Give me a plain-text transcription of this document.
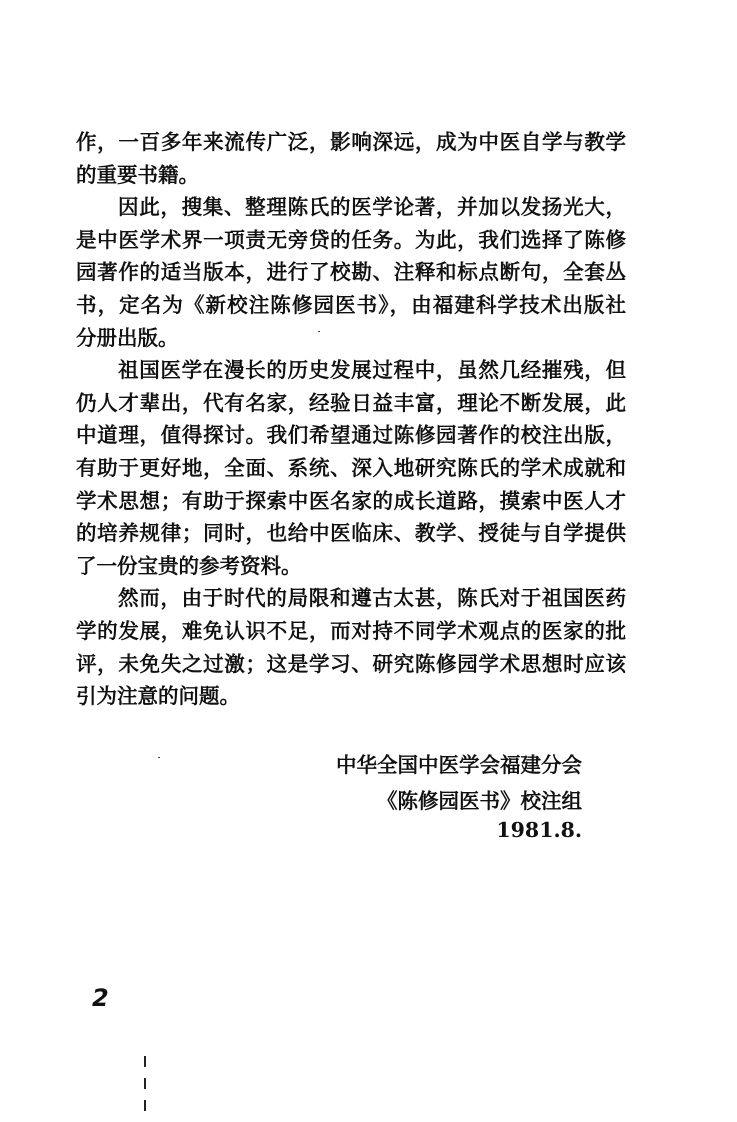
作，一百多年来流传广泛，影响深远，成为中医自学与教学
的重要书籍。
因此，搜集、整理陈氏的医学论著，并加以发扬光大，
是中医学术界一项责无旁贷的任务。为此，我们选择了陈修
园著作的适当版本，进行了校勘、注释和标点断句，全套丛
书，定名为《新校注陈修园医书》，由福建科学技术出版社
分册出版。
祖国医学在漫长的历史发展过程中，虽然几经摧残，但
仍人才辈出，代有名家，经验日益丰富，理论不断发展，此
中道理，值得探讨。我们希望通过陈修园著作的校注出版，
有助于更好地，全面、系统、深入地研究陈氏的学术成就和
学术思想；有助于探索中医名家的成长道路，摸索中医人才
的培养规律；同时，也给中医临床、教学、授徒与自学提供
了一份宝贵的参考资料。
然而，由于时代的局限和遵古太甚，陈氏对于祖国医药
学的发展，难免认识不足，而对持不同学术观点的医家的批
评，未免失之过激；这是学习、研究陈修园学术思想时应该
引为注意的问题。
中华全国中医学会福建分会
《陈修园医书》校注组
1981.8.
2
